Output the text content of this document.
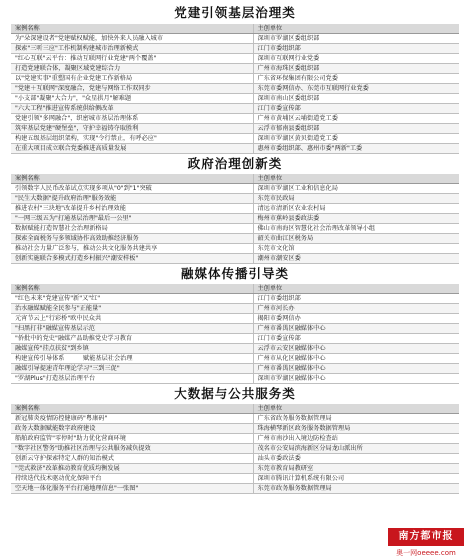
党建引领基层治理类
案例名称	主创单位
为"朵深建设者"党建赋权赋能，加快外来人员融入城市	深圳市罗湖区委组织部
探索"三听三应"工作机制构建城市治理新模式	江门市委组织部
"红心互联"云平台：推动互联网行业党建"两个覆盖"	深圳市互联网行业党委
打造党建联合体，凝聚区域党建综合力	广州市海珠区委组织部
以"党建实事"重塑国有企业党建工作新格局	广东省环保集团有限公司党委
"党建＋互联网"深度融合，党建与网络工作双同步	东莞市委网信办、东莞市互联网行业党委
"小支部"凝聚"大合力"，"众星拱月"解难题	深圳市南山区委组织部
"六大工程"推进宣传系统供给侧改革	江门市委宣传部
党建引领"多网融合"，织密城市基层治理体系	广州市黄埔区云埔街道党工委
筑牢基层党建"硬堡垒"，守护幸福铸夺取胜利	云浮市郁南县委组织部
构建五级基层组织架构，实现"令行禁止，有呼必应"	深圳市罗湖区黄贝街道党工委
在重大项目成立联合党委推进高质量发展	惠州市委组织部、惠州市委"两新"工委
政府治理创新类
案例名称	主创单位
引领数字人民币改革试点实现多项从"0"到"1"突破	深圳市罗湖区工业和信息化局
"民生大数据"提升政府治理"服务效能	东莞市民政局
推进农村"三块地"改革提升乡村治理效能	清远市清新区农业农村局
"一网三级五为"打通基层治理"最后一公里"	梅州市蕉岭县委政法委
数据赋能打造智慧社会治理新格局	佛山市南海区智慧化社会治理改革领导小组
探索全面税务与多领域协作高效助推经济服务	韶关市曲江区税务局
推动社会力量广泛参与，推动公共文化服务共建共享	东莞市文化馆
创新实施联合多模式打造乡村振兴"潮安样板"	潮州市潮安区委
融媒体传播引导类
案例名称	主创单位
"红色未来"党建宣传"新"又"红"	江门市委组织部
治水融媒赋能全民参与"正能量"	广州市河长办
元宵节云上"行彩桥"欧中民众共	揭阳市委网信办
"扫黑打非"融媒宣传基层示范	广州市番禺区融媒体中心
"侨批中的党史"融媒产品助推党史学习教育	江门市委宣传部
融媒宣传"挂点扶贫"到乡镇	云浮市云安区融媒体中心
构建宣传引导体系　　　赋能基层社会治理	广州市从化区融媒体中心
融媒引导提速青年理论学习"三到三促"	广州市番禺区融媒体中心
"罗湖Plus"打造基层治理平台	深圳市罗湖区融媒体中心
大数据与公共服务类
案例名称	主创单位
新冠肺炎疫情防控健康码"粤康码"	广东省政务服务数据管理局
政务大数据赋能数字政府建设	珠海横琴新区政务服务数据管理局
船舶政府监管"零停时"助力优化营商环境	广州市南沙出入境边防检查站
"数字社区警务"助推社区治理与公共服务减负提效	茂名市公安局滨海新区分局龙山派出所
创新云守护探索特定人群的知治模式	汕头市委政法委
"莞式救济"改革推动教育优质均衡发展	东莞市教育局教研室
持续迭代技术驱动优化保障平台	深圳市腾讯计算机系统有限公司
空天地一体化服务平台打通地理信息"一张图"	东莞市政务服务数据管理局
南方都市报
奥一网oeeee.com
